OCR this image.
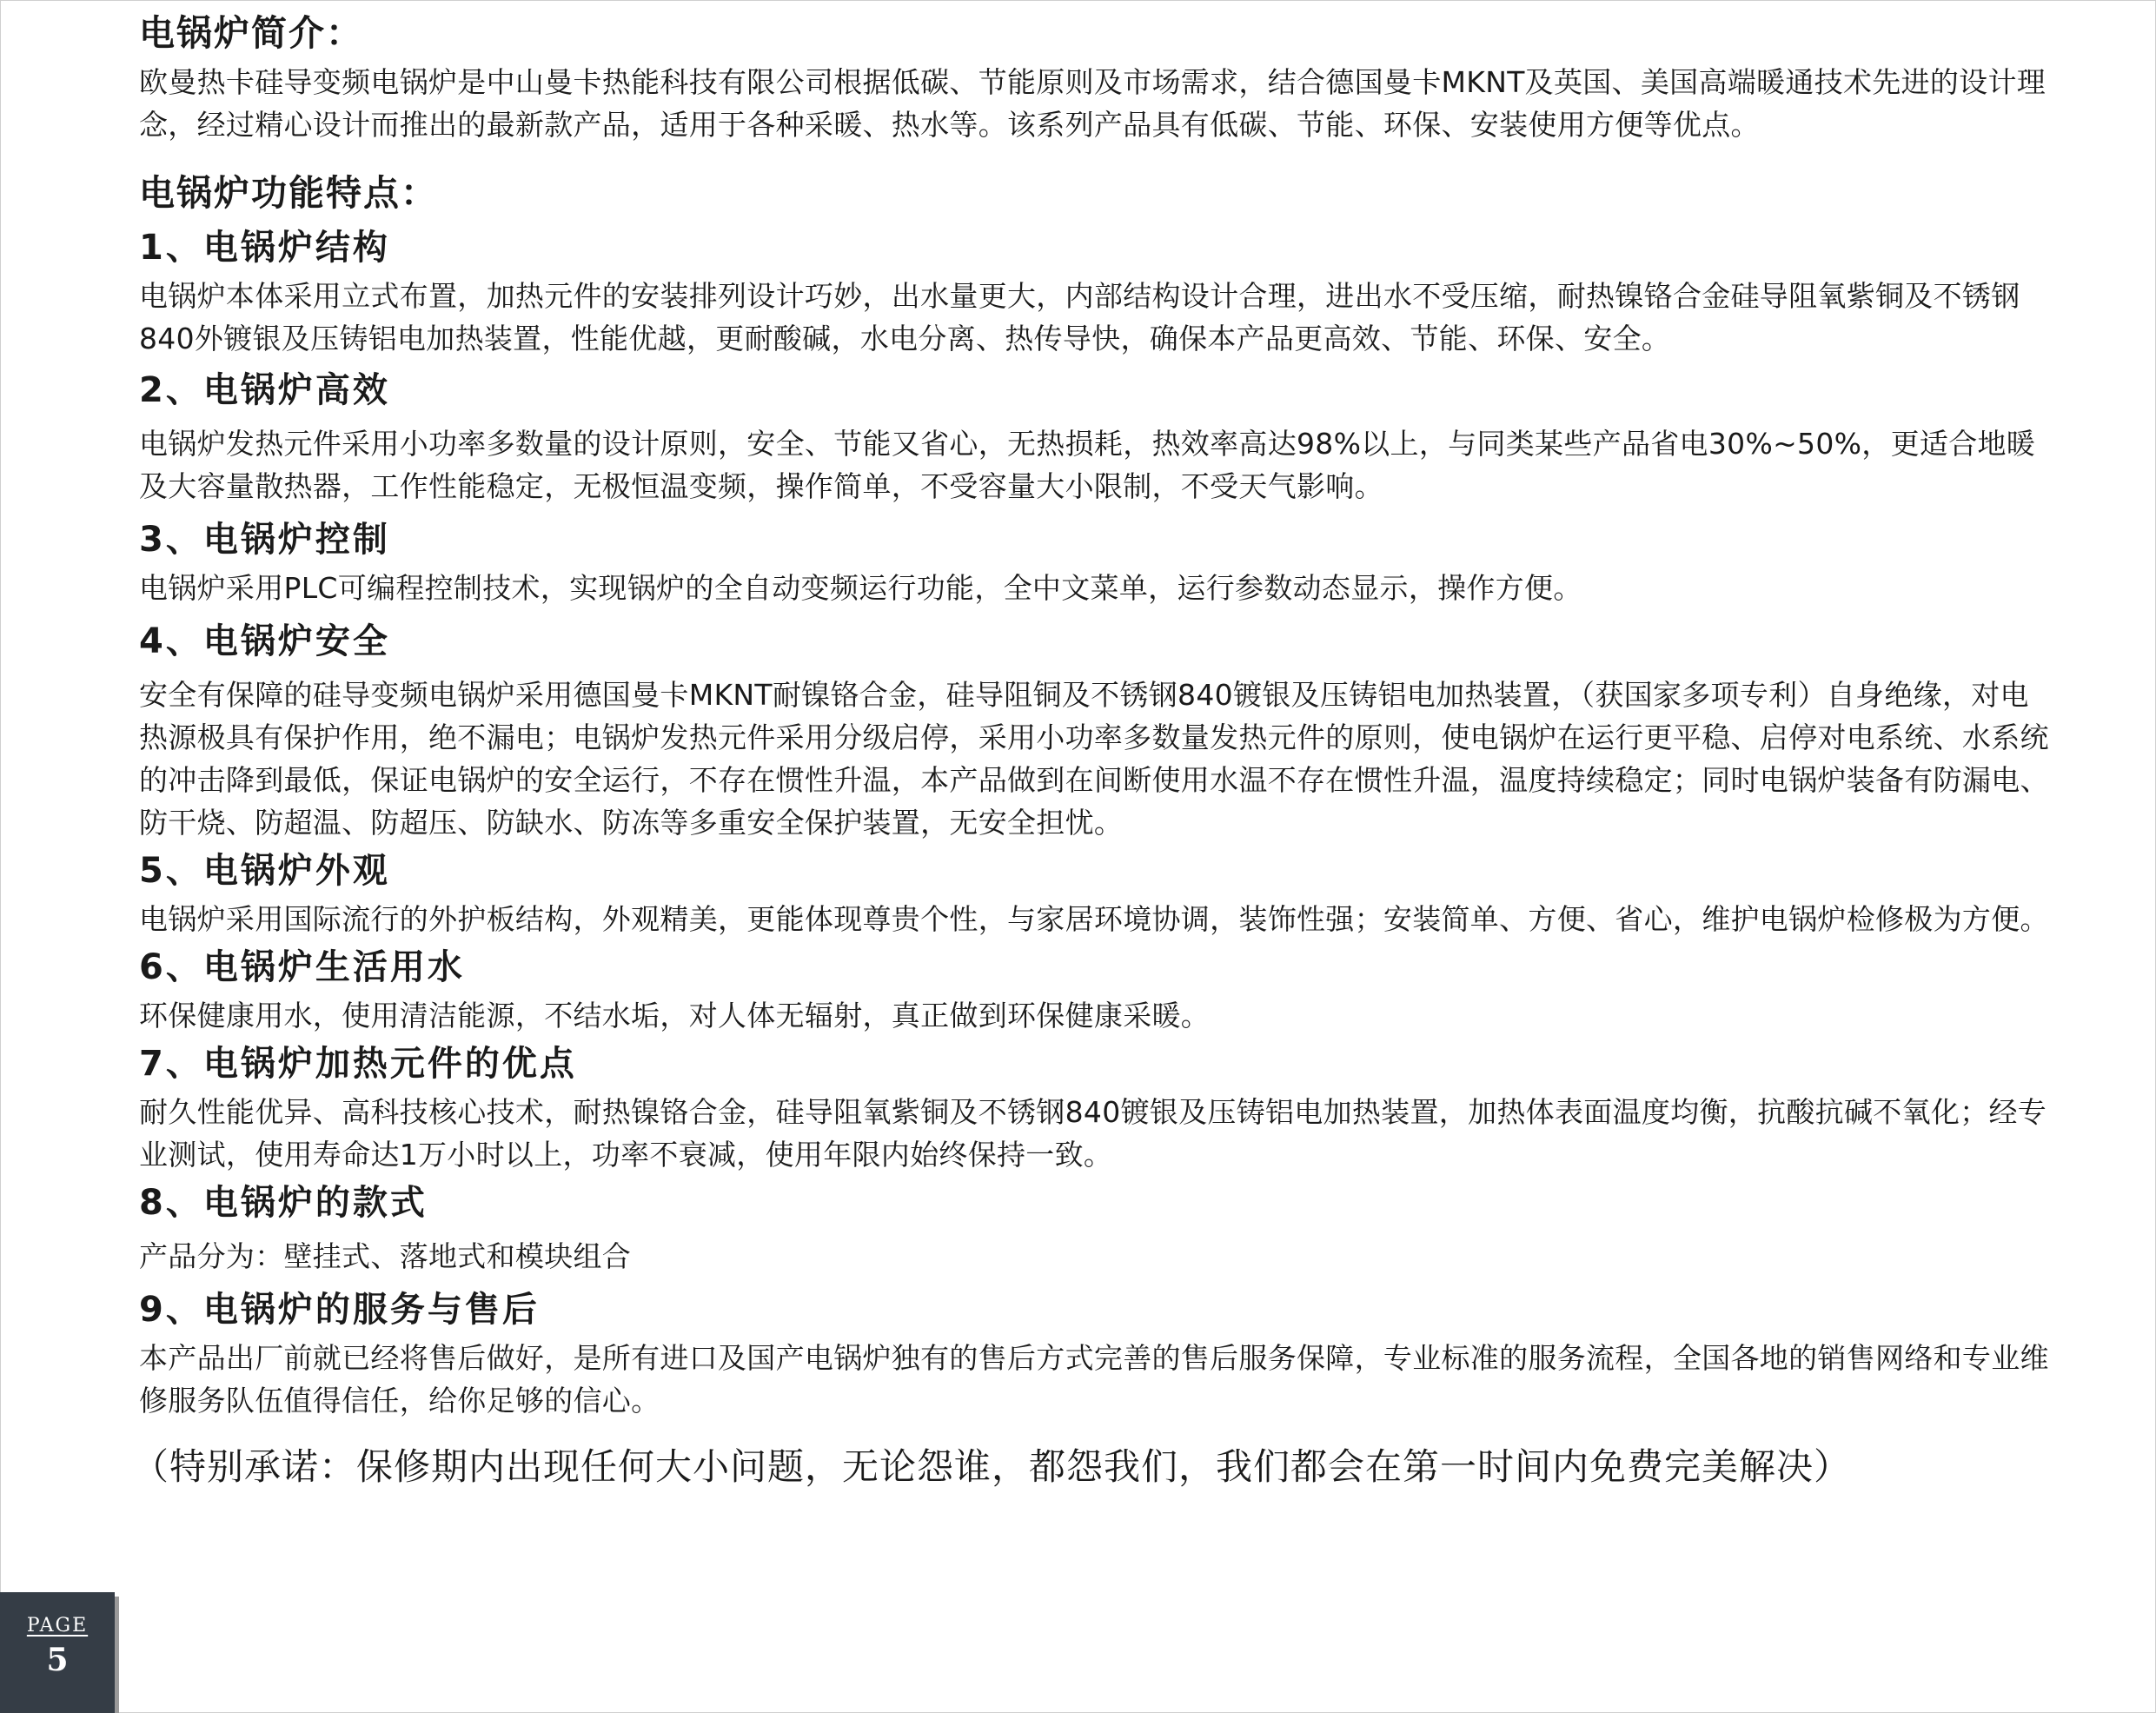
电锅炉简介：

欧曼热卡硅导变频电锅炉是中山曼卡热能科技有限公司根据低碳、节能原则及市场需求，结合德国曼卡MKNT及英国、美国高端暖通技术先进的设计理念，经过精心设计而推出的最新款产品，适用于各种采暖、热水等。该系列产品具有低碳、节能、环保、安装使用方便等优点。

电锅炉功能特点：
1、电锅炉结构

电锅炉本体采用立式布置，加热元件的安装排列设计巧妙，出水量更大，内部结构设计合理，进出水不受压缩，耐热镍铬合金硅导阻氧紫铜及不锈钢840外镀银及压铸铝电加热装置，性能优越，更耐酸碱，水电分离、热传导快，确保本产品更高效、节能、环保、安全。

2、电锅炉高效

电锅炉发热元件采用小功率多数量的设计原则，安全、节能又省心，无热损耗，热效率高达98%以上，与同类某些产品省电30%~50%，更适合地暖及大容量散热器，工作性能稳定，无极恒温变频，操作简单，不受容量大小限制，不受天气影响。

3、电锅炉控制

电锅炉采用PLC可编程控制技术，实现锅炉的全自动变频运行功能，全中文菜单，运行参数动态显示，操作方便。

4、电锅炉安全

安全有保障的硅导变频电锅炉采用德国曼卡MKNT耐镍铬合金，硅导阻铜及不锈钢840镀银及压铸铝电加热装置，（获国家多项专利）自身绝缘，对电热源极具有保护作用，绝不漏电；电锅炉发热元件采用分级启停，采用小功率多数量发热元件的原则，使电锅炉在运行更平稳、启停对电系统、水系统的冲击降到最低，保证电锅炉的安全运行，不存在惯性升温，本产品做到在间断使用水温不存在惯性升温，温度持续稳定；同时电锅炉装备有防漏电、防干烧、防超温、防超压、防缺水、防冻等多重安全保护装置，无安全担忧。

5、电锅炉外观

电锅炉采用国际流行的外护板结构，外观精美，更能体现尊贵个性，与家居环境协调，装饰性强；安装简单、方便、省心，维护电锅炉检修极为方便。

6、电锅炉生活用水

环保健康用水，使用清洁能源，不结水垢，对人体无辐射，真正做到环保健康采暖。

7、电锅炉加热元件的优点

耐久性能优异、高科技核心技术，耐热镍铬合金，硅导阻氧紫铜及不锈钢840镀银及压铸铝电加热装置，加热体表面温度均衡，抗酸抗碱不氧化；经专业测试，使用寿命达1万小时以上，功率不衰减，使用年限内始终保持一致。

8、电锅炉的款式

产品分为：壁挂式、落地式和模块组合

9、电锅炉的服务与售后

本产品出厂前就已经将售后做好，是所有进口及国产电锅炉独有的售后方式完善的售后服务保障，专业标准的服务流程，全国各地的销售网络和专业维修服务队伍值得信任，给你足够的信心。

（特别承诺：保修期内出现任何大小问题，无论怨谁，都怨我们，我们都会在第一时间内免费完美解决）

PAGE
5
